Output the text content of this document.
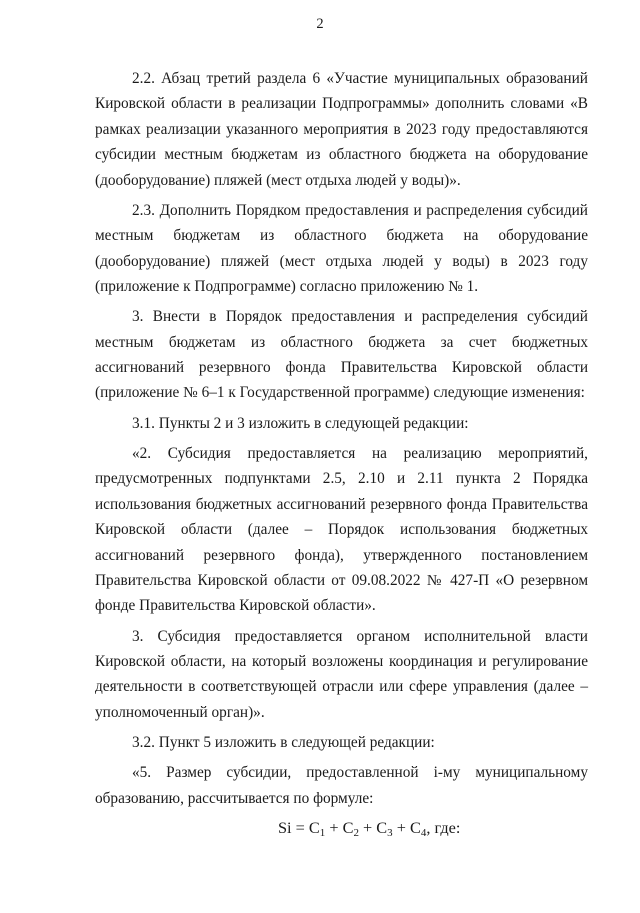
2

2.2. Абзац третий раздела 6 «Участие муниципальных образований Кировской области в реализации Подпрограммы» дополнить словами «В рамках реализации указанного мероприятия в 2023 году предоставляются субсидии местным бюджетам из областного бюджета на оборудование (дооборудование) пляжей (мест отдыха людей у воды)».

2.3. Дополнить Порядком предоставления и распределения субсидий местным бюджетам из областного бюджета на оборудование (дооборудование) пляжей (мест отдыха людей у воды) в 2023 году (приложение к Подпрограмме) согласно приложению № 1.

3. Внести в Порядок предоставления и распределения субсидий местным бюджетам из областного бюджета за счет бюджетных ассигнований резервного фонда Правительства Кировской области (приложение № 6–1 к Государственной программе) следующие изменения:

3.1. Пункты 2 и 3 изложить в следующей редакции:

«2. Субсидия предоставляется на реализацию мероприятий, предусмотренных подпунктами 2.5, 2.10 и 2.11 пункта 2 Порядка использования бюджетных ассигнований резервного фонда Правительства Кировской области (далее – Порядок использования бюджетных ассигнований резервного фонда), утвержденного постановлением Правительства Кировской области от 09.08.2022 № 427-П «О резервном фонде Правительства Кировской области».

3. Субсидия предоставляется органом исполнительной власти Кировской области, на который возложены координация и регулирование деятельности в соответствующей отрасли или сфере управления (далее – уполномоченный орган)».

3.2. Пункт 5 изложить в следующей редакции:

«5. Размер субсидии, предоставленной i-му муниципальному образованию, рассчитывается по формуле:

$Si = C_1 + C_2 + C_3 + C_4$, где:
